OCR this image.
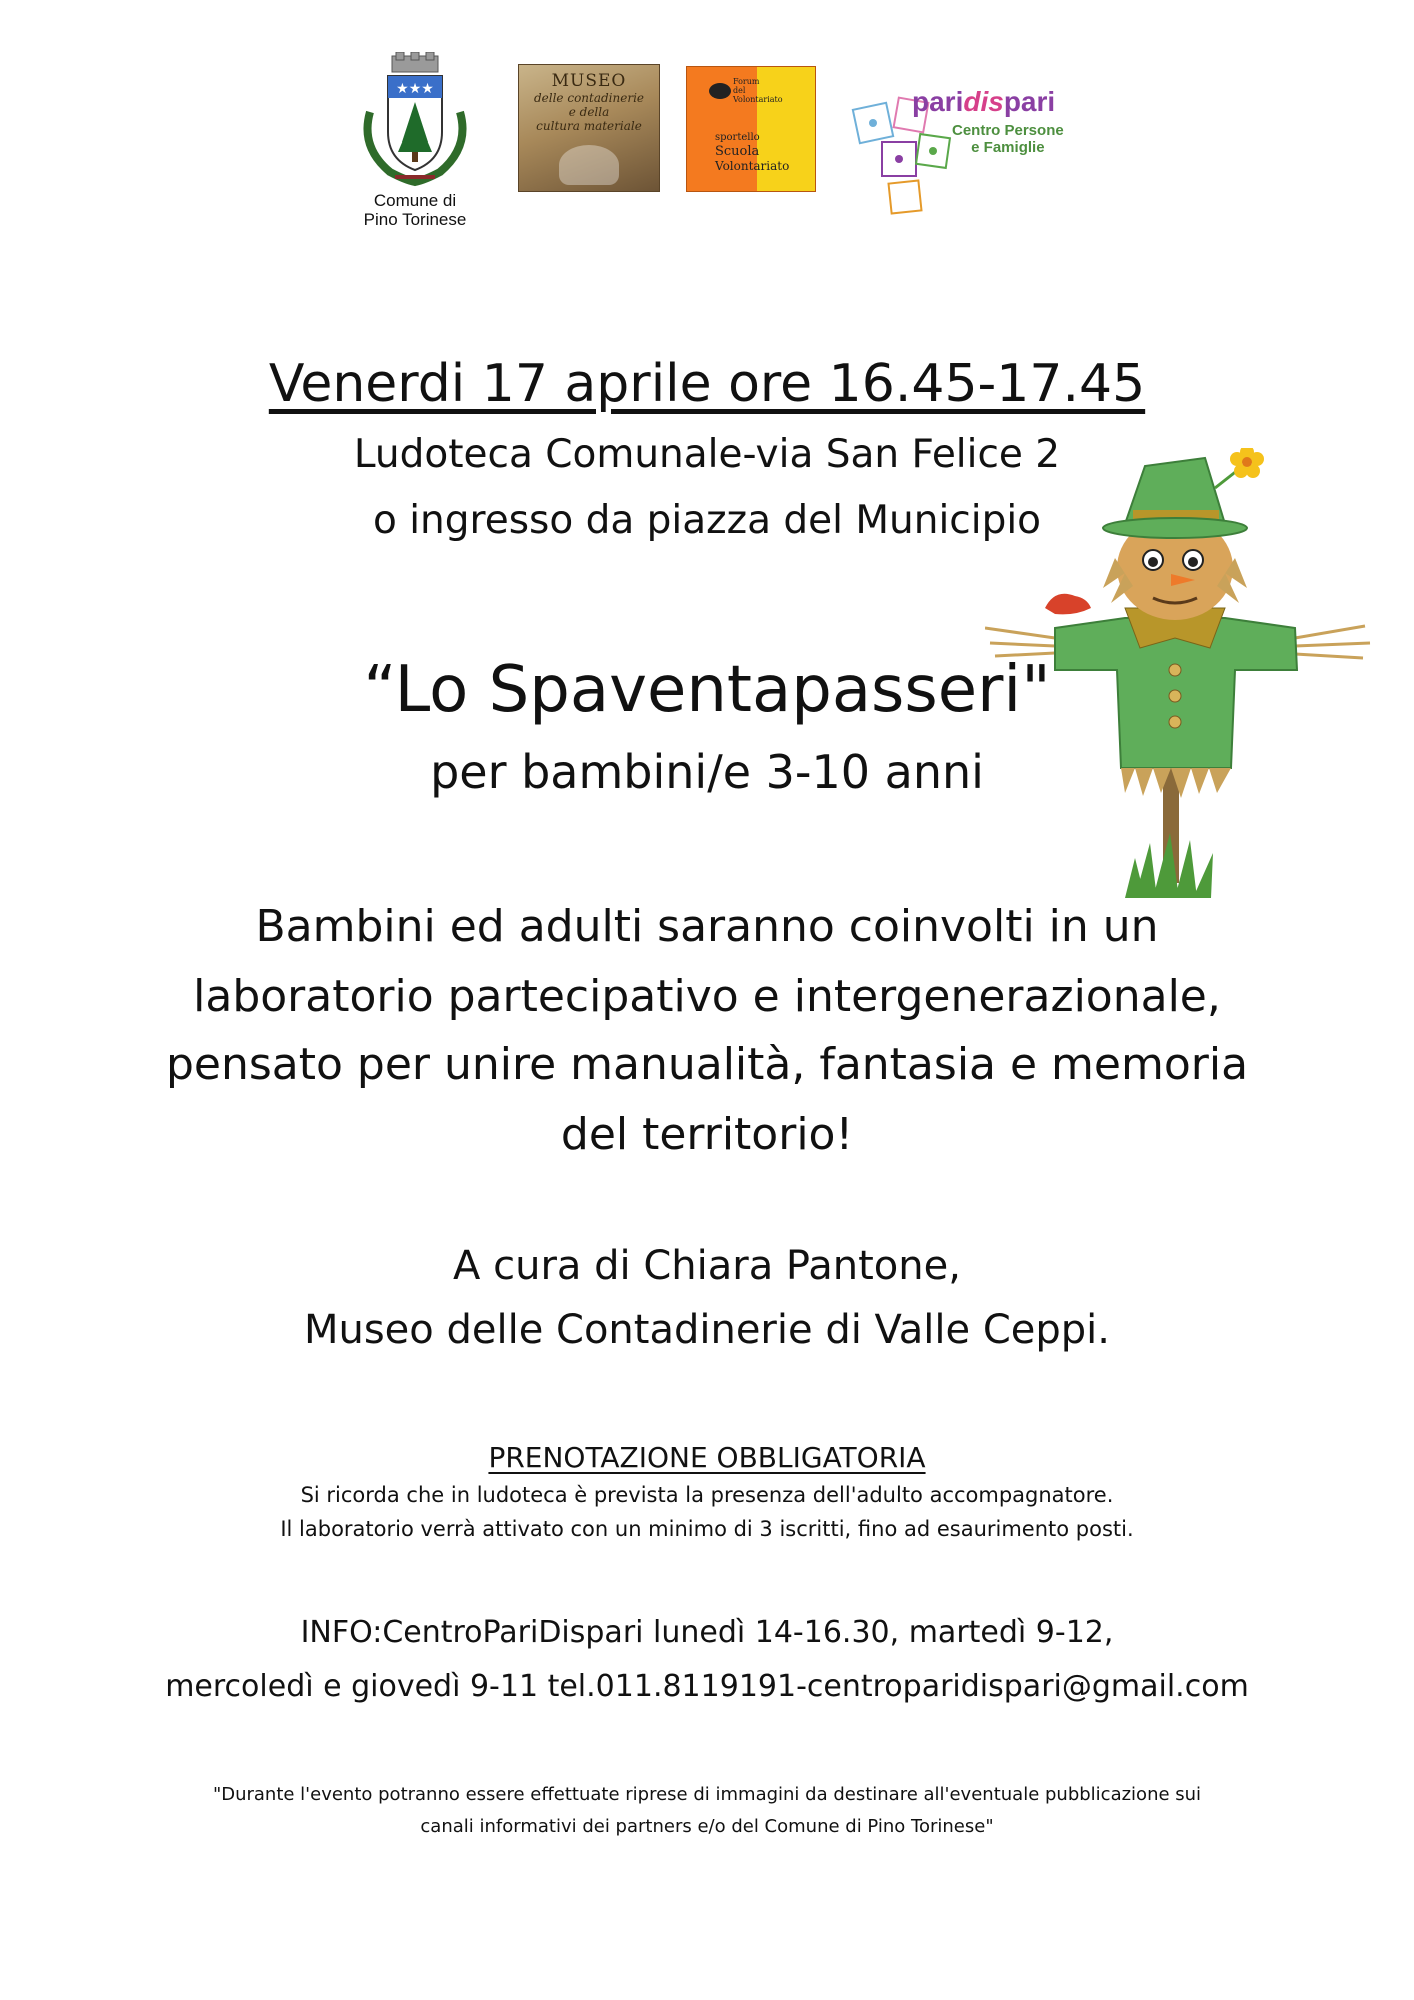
★★★
Comune di
Pino Torinese
MUSEO
delle contadinerie
e della
cultura materiale
Forum
del
Volontariato
sportello
Scuola
Volontariato
paridispari
Centro Persone
e Famiglie
Venerdi 17 aprile ore 16.45-17.45
Ludoteca Comunale-via San Felice 2
o ingresso da piazza del Municipio
“Lo Spaventapasseri"
per bambini/e 3-10 anni
Bambini ed adulti saranno coinvolti in un
laboratorio partecipativo e intergenerazionale,
pensato per unire manualità, fantasia e memoria
del territorio!
A cura di Chiara Pantone,
Museo delle Contadinerie di Valle Ceppi.
PRENOTAZIONE OBBLIGATORIA
Si ricorda che in ludoteca è prevista la presenza dell'adulto accompagnatore.
Il laboratorio verrà attivato con un minimo di 3 iscritti, fino ad esaurimento posti.
INFO:CentroPariDispari lunedì 14-16.30, martedì 9-12,
mercoledì e giovedì 9-11 tel.011.8119191-centroparidispari@gmail.com
"Durante l'evento potranno essere effettuate riprese di immagini da destinare all'eventuale pubblicazione sui
canali informativi dei partners e/o del Comune di Pino Torinese"
